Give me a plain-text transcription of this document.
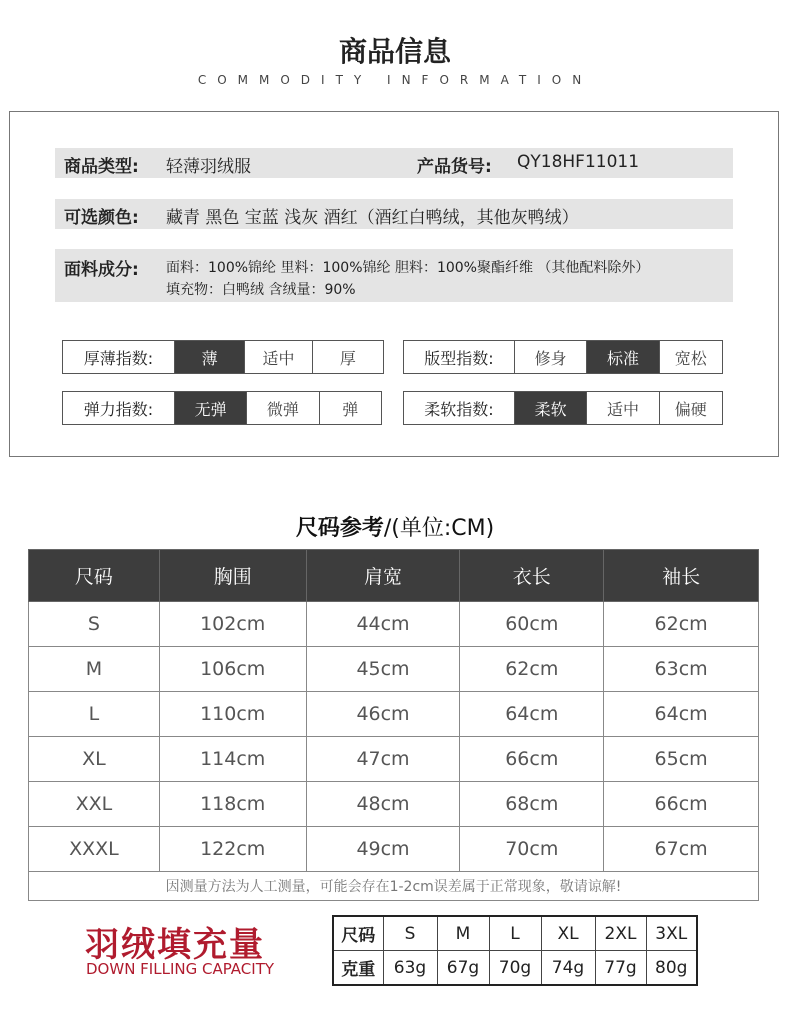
商品信息
COMMODITY INFORMATION
商品类型: 轻薄羽绒服	产品货号: QY18HF11011
可选颜色: 藏青 黑色 宝蓝 浅灰 酒红（酒红白鸭绒，其他灰鸭绒）
面料成分: 面料：100%锦纶 里料：100%锦纶 胆料：100%聚酯纤维 （其他配料除外）
填充物：白鸭绒 含绒量：90%
厚薄指数:	薄	适中	厚	版型指数:	修身	标准	宽松
弹力指数:	无弹	微弹	弹	柔软指数:	柔软	适中	偏硬
尺码参考/(单位:CM)
尺码	胸围	肩宽	衣长	袖长
S	102cm	44cm	60cm	62cm
M	106cm	45cm	62cm	63cm
L	110cm	46cm	64cm	64cm
XL	114cm	47cm	66cm	65cm
XXL	118cm	48cm	68cm	66cm
XXXL	122cm	49cm	70cm	67cm
因测量方法为人工测量，可能会存在1-2cm误差属于正常现象，敬请谅解!				
羽绒填充量
DOWN FILLING CAPACITY
尺码	S	M	L	XL	2XL	3XL
克重	63g	67g	70g	74g	77g	80g
